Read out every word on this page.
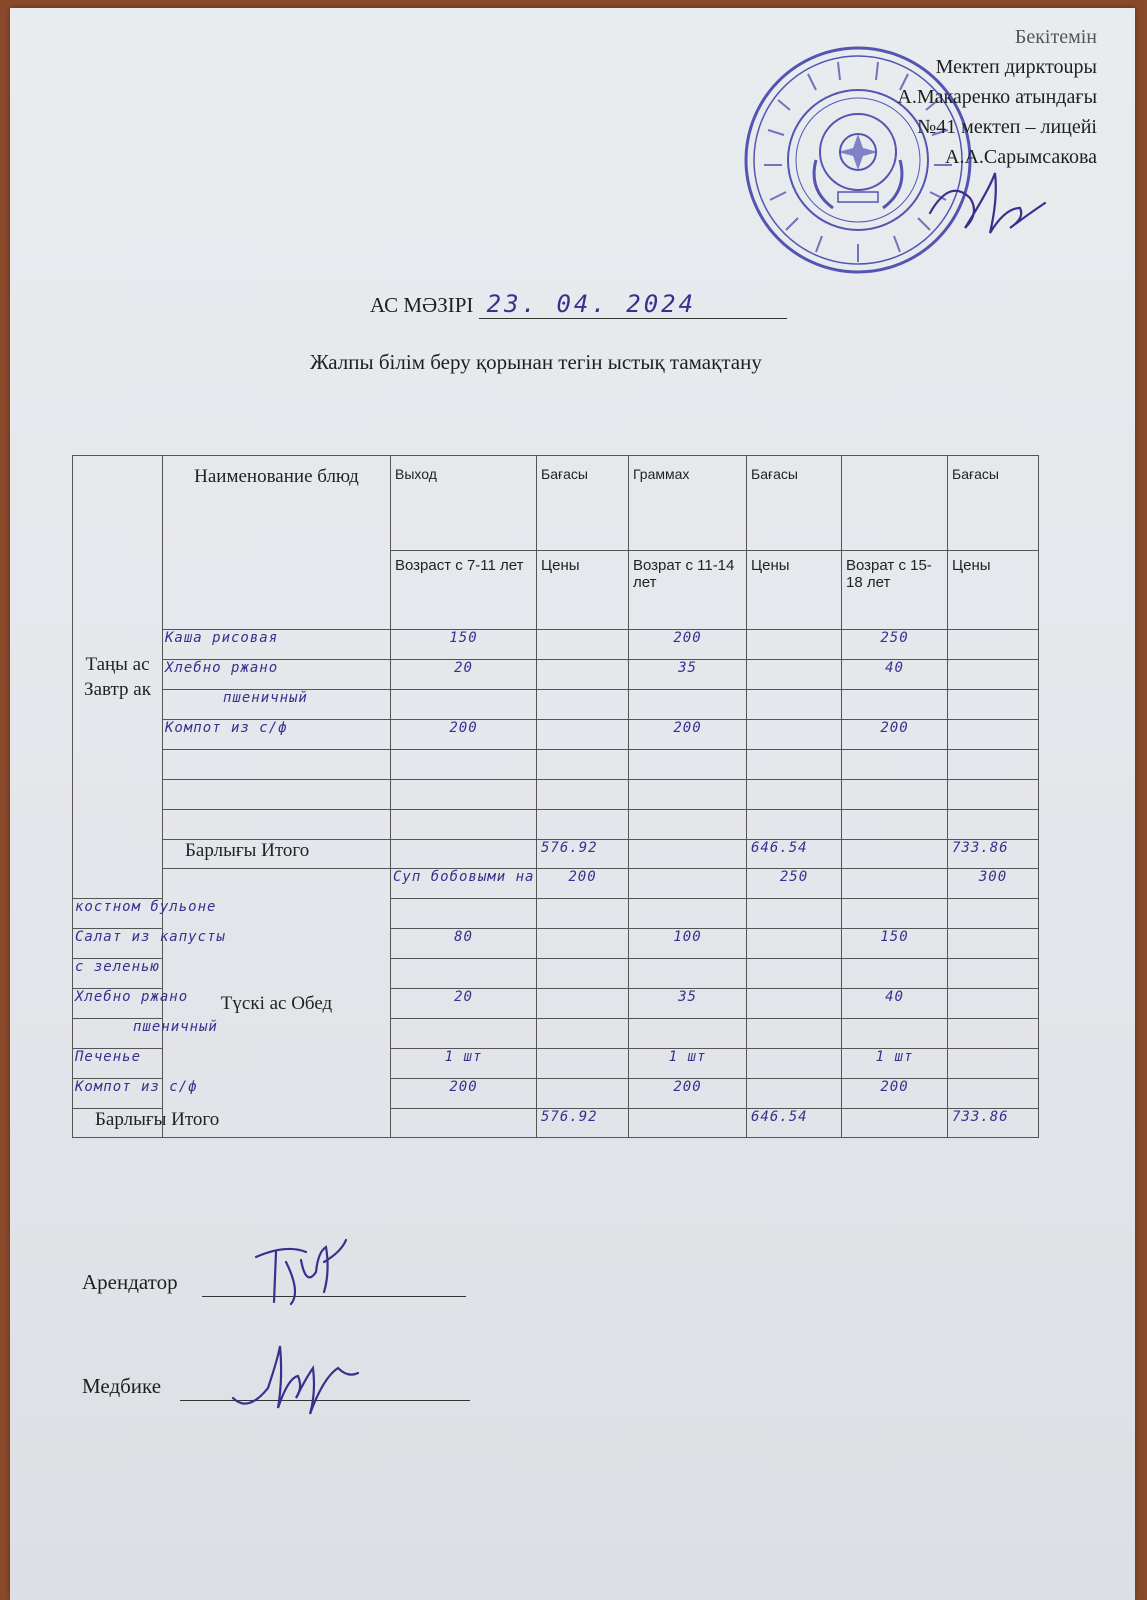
Бекітемін
Мектеп дирктоuры
А.Макаренко атындағы
№41 мектеп – лицейі
А.А.Сарымсакова
АС МӘЗІРІ 23. 04. 2024
Жалпы білім беру қорынан тегін ыстық тамақтану
Таңы ас Завтр ак	Наименование блюд	Выход	Бағасы	Граммах	Бағасы		Бағасы	
		Возраст с 7-11 лет	Цены	Возрат с 11-14 лет	Цены	Возрат с 15-18 лет	Цены	
	Каша рисовая	150		200		250		
	Хлебно ржано	20		35		40		
	пшеничный							
	Компот из с/ф	200		200		200		

	Барлығы Итого		576.92		646.54		733.86	
	Түскі ас Обед	Суп бобовыми на	200		250		300	
костном бульоне								
Салат из капусты		80		100		150		
с зеленью								
Хлебно ржано		20		35		40		
пшеничный								
Печенье		1 шт		1 шт		1 шт		
Компот из с/ф		200		200		200		
Барлығы Итого			576.92		646.54		733.86	
Арендатор
Медбике
